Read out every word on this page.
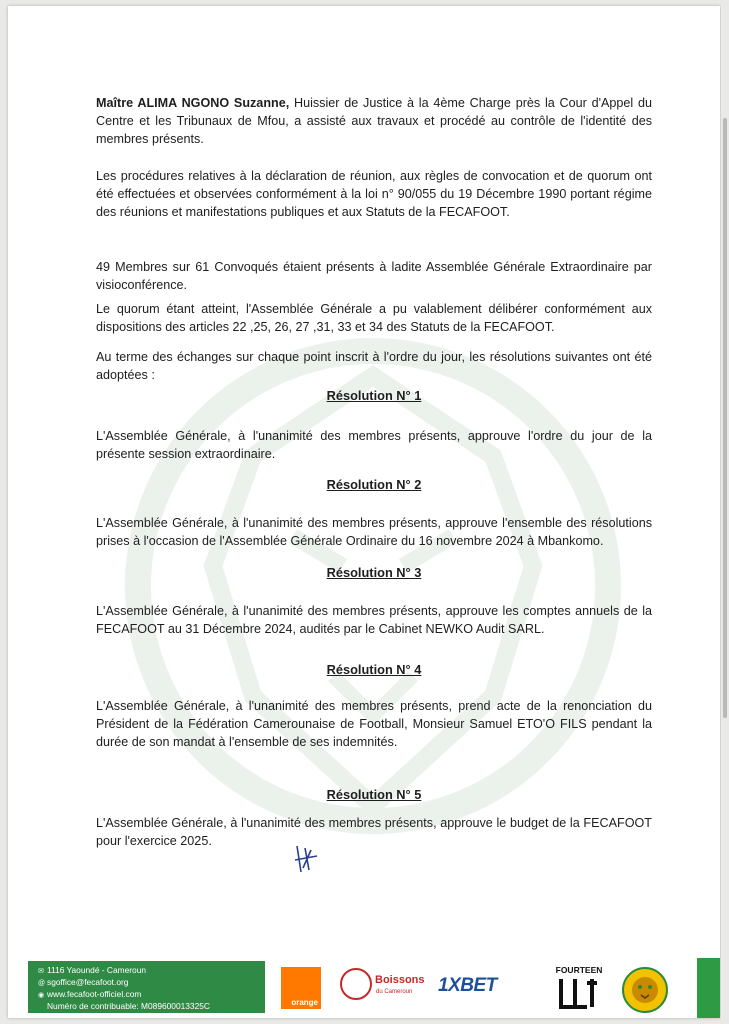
Maître ALIMA NGONO Suzanne, Huissier de Justice à la 4ème Charge près la Cour d'Appel du Centre et les Tribunaux de Mfou, a assisté aux travaux et procédé au contrôle de l'identité des membres présents.

Les procédures relatives à la déclaration de réunion, aux règles de convocation et de quorum ont été effectuées et observées conformément à la loi n° 90/055 du 19 Décembre 1990 portant régime des réunions et manifestations publiques et aux Statuts de la FECAFOOT.

49 Membres sur 61 Convoqués étaient présents à ladite Assemblée Générale Extraordinaire par visioconférence.

Le quorum étant atteint, l'Assemblée Générale a pu valablement délibérer conformément aux dispositions des articles 22 ,25, 26, 27 ,31, 33 et 34 des Statuts de la FECAFOOT.

Au terme des échanges sur chaque point inscrit à l'ordre du jour, les résolutions suivantes ont été adoptées :

Résolution N° 1

L'Assemblée Générale, à l'unanimité des membres présents, approuve l'ordre du jour de la présente session extraordinaire.

Résolution N° 2

L'Assemblée Générale, à l'unanimité des membres présents, approuve l'ensemble des résolutions prises à l'occasion de l'Assemblée Générale Ordinaire du 16 novembre 2024 à Mbankomo.

Résolution N° 3

L'Assemblée Générale, à l'unanimité des membres présents, approuve les comptes annuels de la FECAFOOT au 31 Décembre 2024, audités par le Cabinet NEWKO Audit SARL.

Résolution N° 4

L'Assemblée Générale, à l'unanimité des membres présents, prend acte de la renonciation du Président de la Fédération Camerounaise de Football, Monsieur Samuel ETO'O FILS pendant la durée de son mandat à l'ensemble de ses indemnités.

Résolution N° 5

L'Assemblée Générale, à l'unanimité des membres présents, approuve le budget de la FECAFOOT pour l'exercice 2025.

✉ 1116 Yaoundé - Cameroun
@ sgoffice@fecafoot.org
◉ www.fecafoot-officiel.com
Numéro de contribuable: M089600013325C	orange
Boissons
du Cameroun 1XBET
FOURTEEN
